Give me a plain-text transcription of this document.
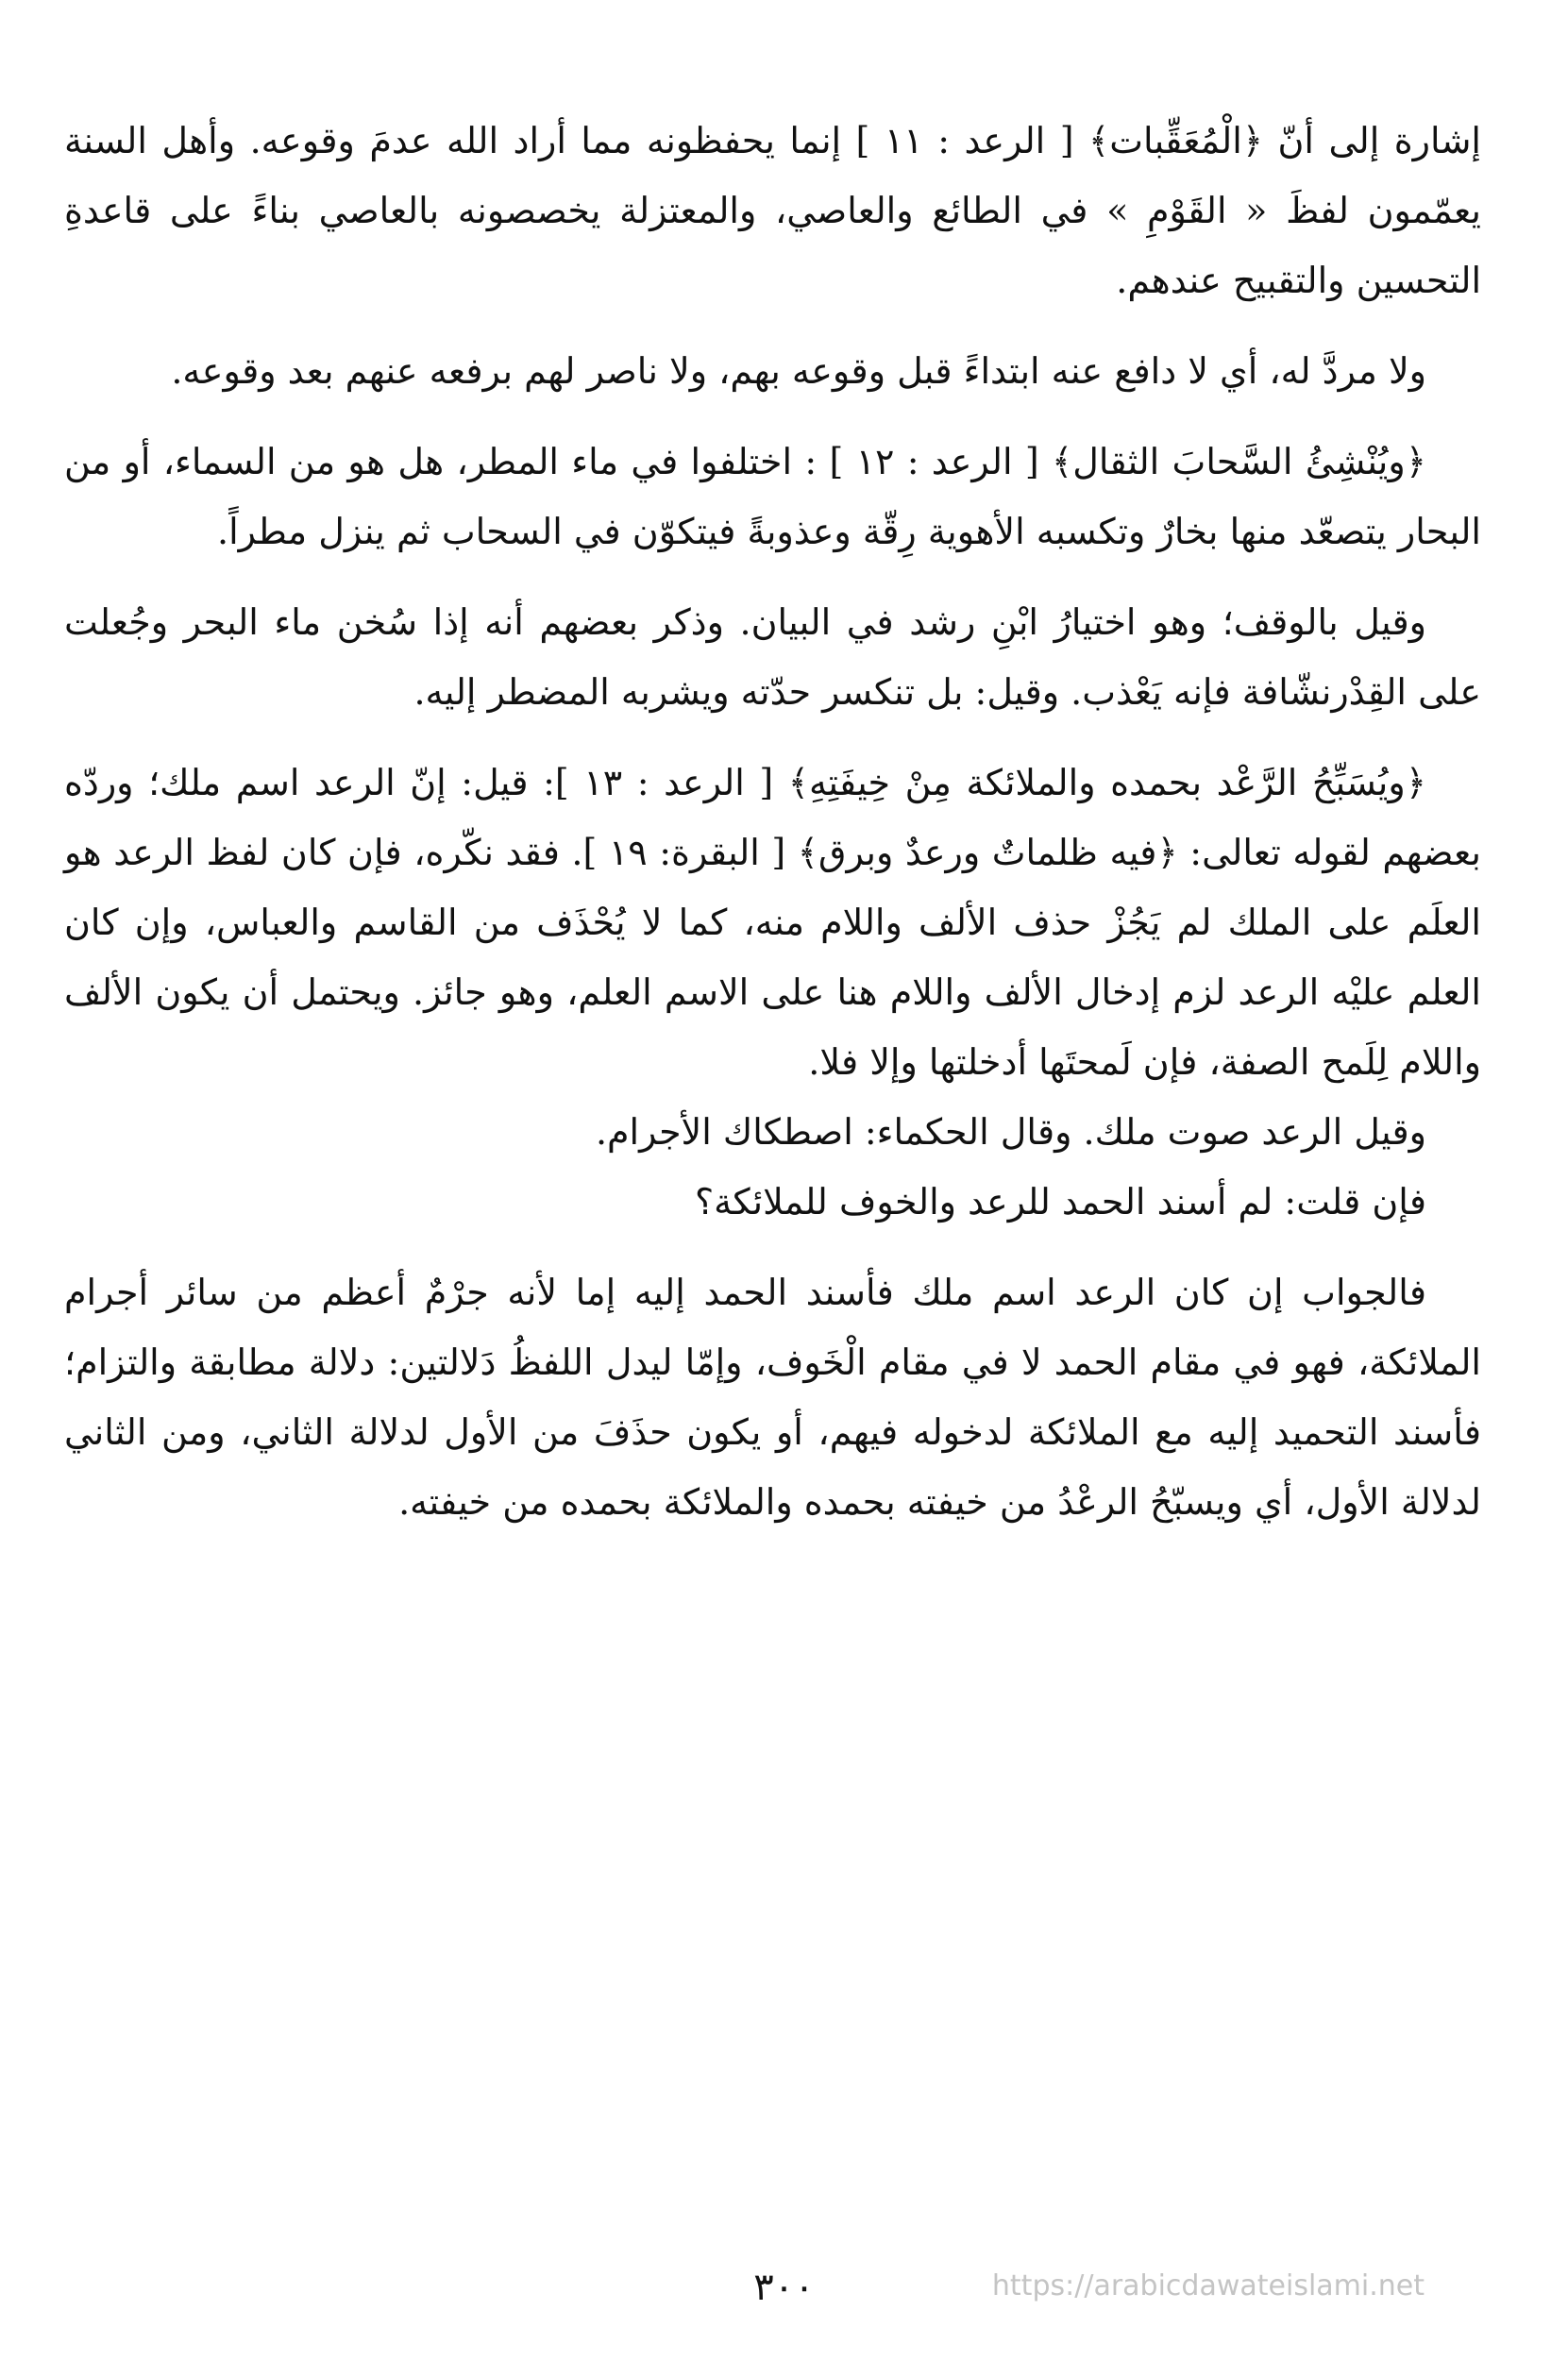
إشارة إلى أنّ ﴿الْمُعَقِّبات﴾ [ الرعد : ١١ ] إنما يحفظونه مما أراد الله عدمَ وقوعه. وأهل السنة يعمّمون لفظَ « القَوْمِ » في الطائع والعاصي، والمعتزلة يخصصونه بالعاصي بناءً على قاعدةِ التحسين والتقبيح عندهم.

ولا مردَّ له، أي لا دافع عنه ابتداءً قبل وقوعه بهم، ولا ناصر لهم برفعه عنهم بعد وقوعه.

﴿ويُنْشِئُ السَّحابَ الثقال﴾ [ الرعد : ١٢ ] : اختلفوا في ماء المطر، هل هو من السماء، أو من البحار يتصعّد منها بخارٌ وتكسبه الأهوية رِقّة وعذوبةً فيتكوّن في السحاب ثم ينزل مطراً.

وقيل بالوقف؛ وهو اختيارُ ابْنِ رشد في البيان. وذكر بعضهم أنه إذا سُخن ماء البحر وجُعلت على القِدْرنشّافة فإنه يَعْذب. وقيل: بل تنكسر حدّته ويشربه المضطر إليه.

﴿ويُسَبِّحُ الرَّعْد بحمده والملائكة مِنْ خِيفَتِهِ﴾ [ الرعد : ١٣ ]: قيل: إنّ الرعد اسم ملك؛ وردّه بعضهم لقوله تعالى: ﴿فيه ظلماتٌ ورعدٌ وبرق﴾ [ البقرة: ١٩ ]. فقد نكّره، فإن كان لفظ الرعد هو العلَم على الملك لم يَجُزْ حذف الألف واللام منه، كما لا يُحْذَف من القاسم والعباس، وإن كان العلم عليْه الرعد لزم إدخال الألف واللام هنا على الاسم العلم، وهو جائز. ويحتمل أن يكون الألف واللام لِلَمح الصفة، فإن لَمحتَها أدخلتها وإلا فلا.

وقيل الرعد صوت ملك. وقال الحكماء: اصطكاك الأجرام.

فإن قلت: لم أسند الحمد للرعد والخوف للملائكة؟

فالجواب إن كان الرعد اسم ملك فأسند الحمد إليه إما لأنه جرْمٌ أعظم من سائر أجرام الملائكة، فهو في مقام الحمد لا في مقام الْخَوف، وإمّا ليدل اللفظُ دَلالتين: دلالة مطابقة والتزام؛ فأسند التحميد إليه مع الملائكة لدخوله فيهم، أو يكون حذَفَ من الأول لدلالة الثاني، ومن الثاني لدلالة الأول، أي ويسبّحُ الرعْدُ من خيفته بحمده والملائكة بحمده من خيفته.

٣٠٠	https://arabicdawateislami.net
